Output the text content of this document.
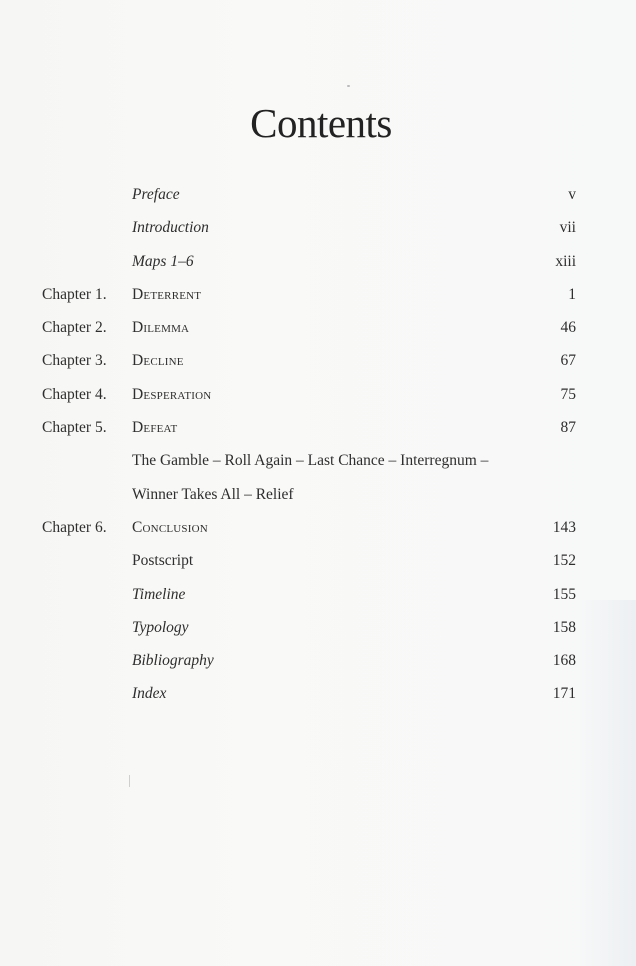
Contents
Preface	v
Introduction	vii
Maps 1–6	xiii
Chapter 1. Deterrent	1
Chapter 2. Dilemma	46
Chapter 3. Decline	67
Chapter 4. Desperation	75
Chapter 5. Defeat	87
The Gamble – Roll Again – Last Chance – Interregnum –
Winner Takes All – Relief
Chapter 6. Conclusion	143
Postscript	152
Timeline	155
Typology	158
Bibliography	168
Index	171
